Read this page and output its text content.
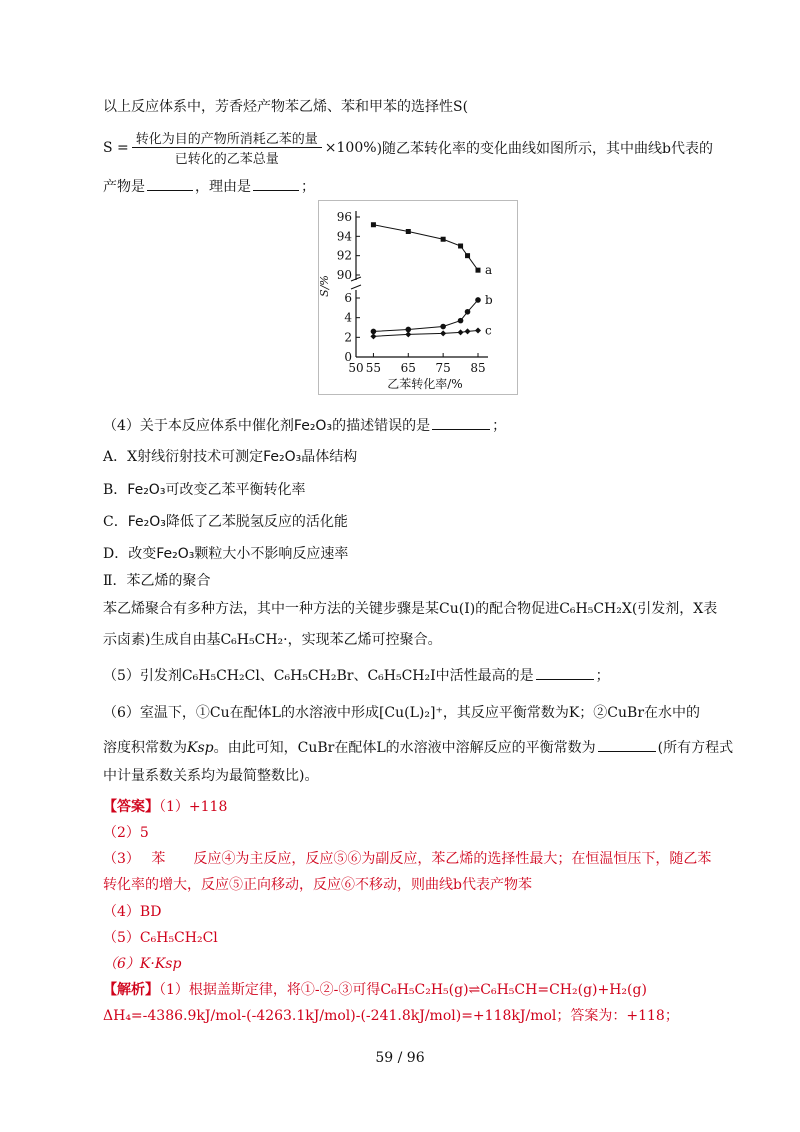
以上反应体系中，芳香烃产物苯乙烯、苯和甲苯的选择性S(
$S = \frac{\text{转化为目的产物所消耗乙苯的量}}{\text{已转化的乙苯总量}} \times 100\%$ )随乙苯转化率的变化曲线如图所示，其中曲线b代表的
产物是	，理由是	；
96
94
92
90
6
4
2
0
50 55 65 75 85
乙苯转化率/%
S/%
a
b
c
（4）关于本反应体系中催化剂Fe₂O₃的描述错误的是	；
A．X射线衍射技术可测定Fe₂O₃晶体结构
B．Fe₂O₃可改变乙苯平衡转化率
C．Fe₂O₃降低了乙苯脱氢反应的活化能
D．改变Fe₂O₃颗粒大小不影响反应速率
Ⅱ．苯乙烯的聚合
苯乙烯聚合有多种方法，其中一种方法的关键步骤是某Cu(Ⅰ)的配合物促进C₆H₅CH₂X(引发剂，X表
示卤素)生成自由基C₆H₅CH₂·，实现苯乙烯可控聚合。
（5）引发剂C₆H₅CH₂Cl、C₆H₅CH₂Br、C₆H₅CH₂I中活性最高的是	；
（6）室温下，①Cu在配体L的水溶液中形成[Cu(L)₂]⁺，其反应平衡常数为K；②CuBr在水中的
溶度积常数为Ksp。由此可知，CuBr在配体L的水溶液中溶解反应的平衡常数为	(所有方程式
中计量系数关系均为最简整数比)。
【答案】（1）+118
（2）5
（3）　 苯　　反应④为主反应，反应⑤⑥为副反应，苯乙烯的选择性最大；在恒温恒压下，随乙苯
转化率的增大，反应⑤正向移动，反应⑥不移动，则曲线b代表产物苯
（4）BD
（5）C₆H₅CH₂Cl
（6）K·Ksp
【解析】（1）根据盖斯定律，将①-②-③可得C₆H₅C₂H₅(g)⇌C₆H₅CH=CH₂(g)+H₂(g)
ΔH₄=-4386.9kJ/mol-(-4263.1kJ/mol)-(-241.8kJ/mol)=+118kJ/mol；答案为：+118；
59 / 96
